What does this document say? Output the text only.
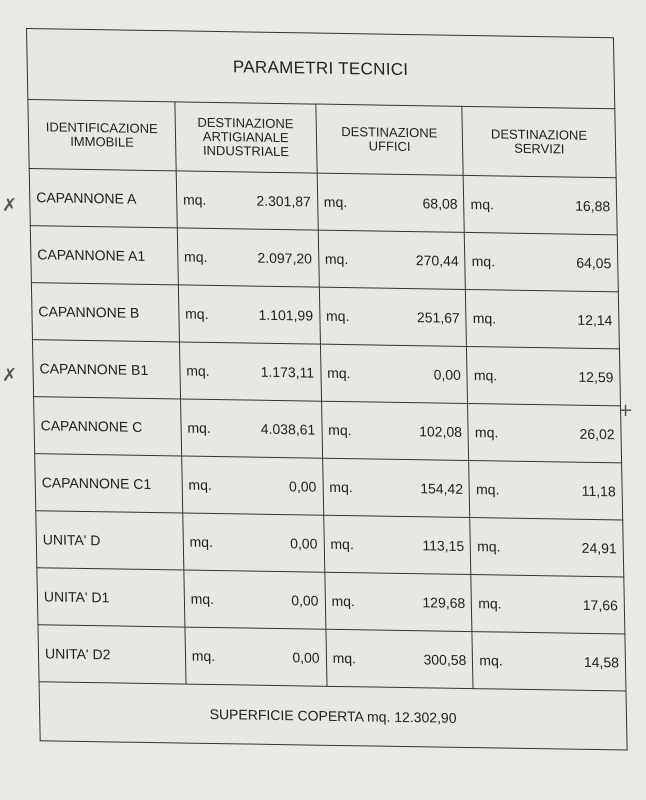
PARAMETRI TECNICI			
IDENTIFICAZIONE IMMOBILE	DESTINAZIONE ARTIGIANALE INDUSTRIALE	DESTINAZIONE UFFICI	DESTINAZIONE SERVIZI
CAPANNONE A	mq. 2.301,87	mq. 68,08	mq. 16,88

CAPANNONE A1	mq. 2.097,20	mq. 270,44	mq. 64,05

CAPANNONE B	mq. 1.101,99	mq. 251,67	mq. 12,14

CAPANNONE B1	mq. 1.173,11	mq. 0,00	mq. 12,59

CAPANNONE C	mq. 4.038,61	mq. 102,08	mq. 26,02

CAPANNONE C1	mq. 0,00	mq. 154,42	mq. 11,18

UNITA' D	mq. 0,00	mq. 113,15	mq. 24,91

UNITA' D1	mq. 0,00	mq. 129,68	mq. 17,66

UNITA' D2	mq. 0,00	mq. 300,58	mq. 14,58

SUPERFICIE COPERTA mq. 12.302,90			
✗
✗
+
